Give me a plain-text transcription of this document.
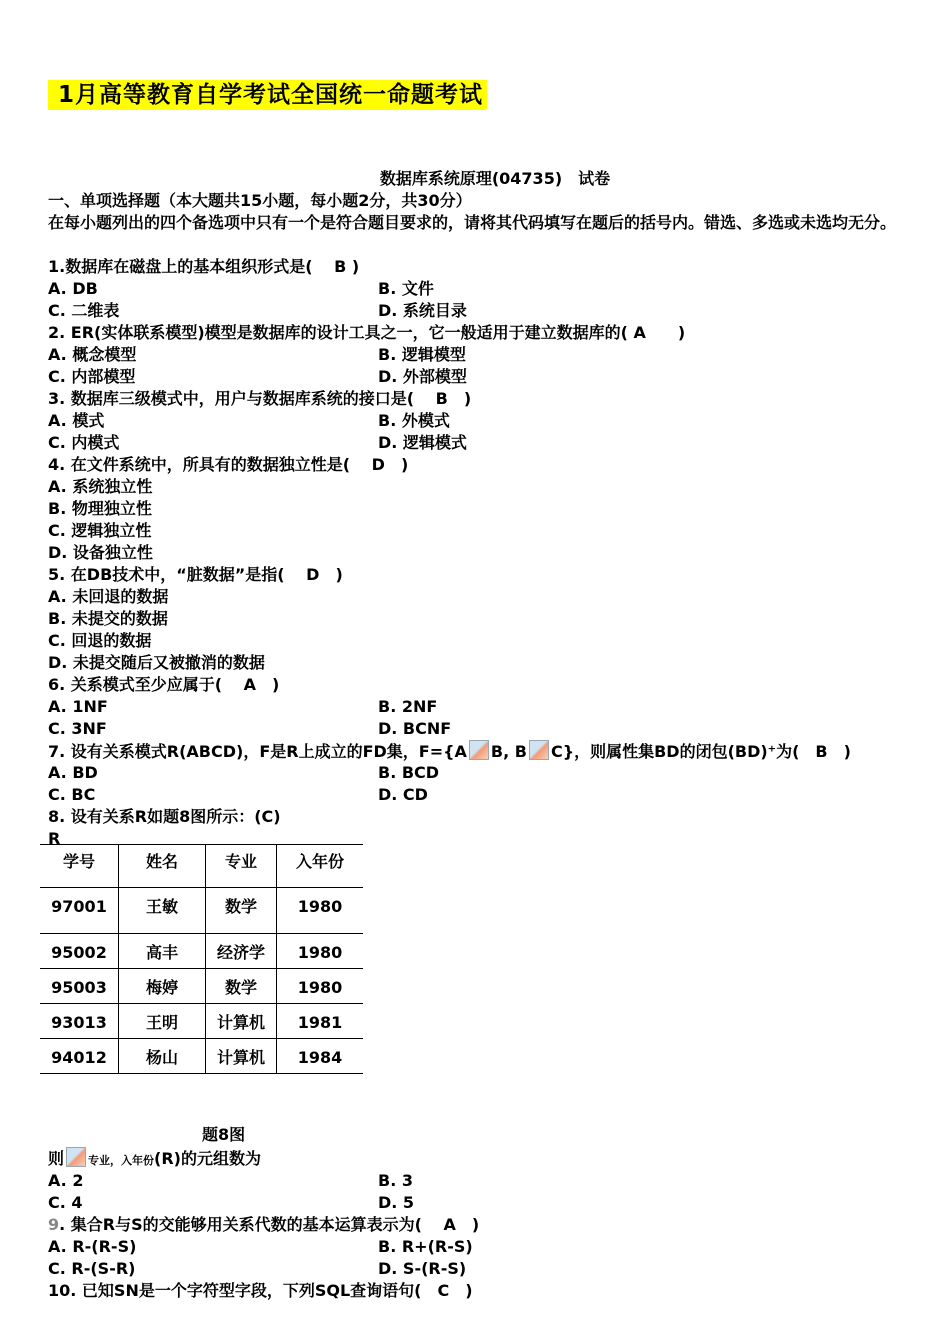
1月高等教育自学考试全国统一命题考试
数据库系统原理(04735)　试卷
一、单项选择题（本大题共15小题，每小题2分，共30分）
在每小题列出的四个备选项中只有一个是符合题目要求的，请将其代码填写在题后的括号内。错选、多选或未选均无分。
1.数据库在磁盘上的基本组织形式是(　 B )
A. DB	B. 文件
C. 二维表	D. 系统目录
2. ER(实体联系模型)模型是数据库的设计工具之一，它一般适用于建立数据库的( A　　)
A. 概念模型	B. 逻辑模型
C. 内部模型	D. 外部模型
3. 数据库三级模式中，用户与数据库系统的接口是(　 B　)
A. 模式	B. 外模式
C. 内模式	D. 逻辑模式
4. 在文件系统中，所具有的数据独立性是(　 D　)
A. 系统独立性
B. 物理独立性
C. 逻辑独立性
D. 设备独立性
5. 在DB技术中，“脏数据”是指(　 D　)
A. 未回退的数据
B. 未提交的数据
C. 回退的数据
D. 未提交随后又被撤消的数据
6. 关系模式至少应属于(　 A　)
A. 1NF	B. 2NF
C. 3NF	D. BCNF
7. 设有关系模式R(ABCD)，F是R上成立的FD集，F={A B, B C}，则属性集BD的闭包(BD)⁺为(　B　)
A. BD	B. BCD
C. BC	D. CD
8. 设有关系R如题8图所示：(C)
R
学号	姓名	专业	入年份
97001	王敏	数学	1980
95002	高丰	经济学	1980
95003	梅婷	数学	1980
93013	王明	计算机	1981
94012	杨山	计算机	1984
题8图
则 专业，入年份(R)的元组数为
A. 2	B. 3
C. 4	D. 5
9. 集合R与S的交能够用关系代数的基本运算表示为(　 A　)
A. R-(R-S)	B. R+(R-S)
C. R-(S-R)	D. S-(R-S)
10. 已知SN是一个字符型字段，下列SQL查询语句(　C　)
